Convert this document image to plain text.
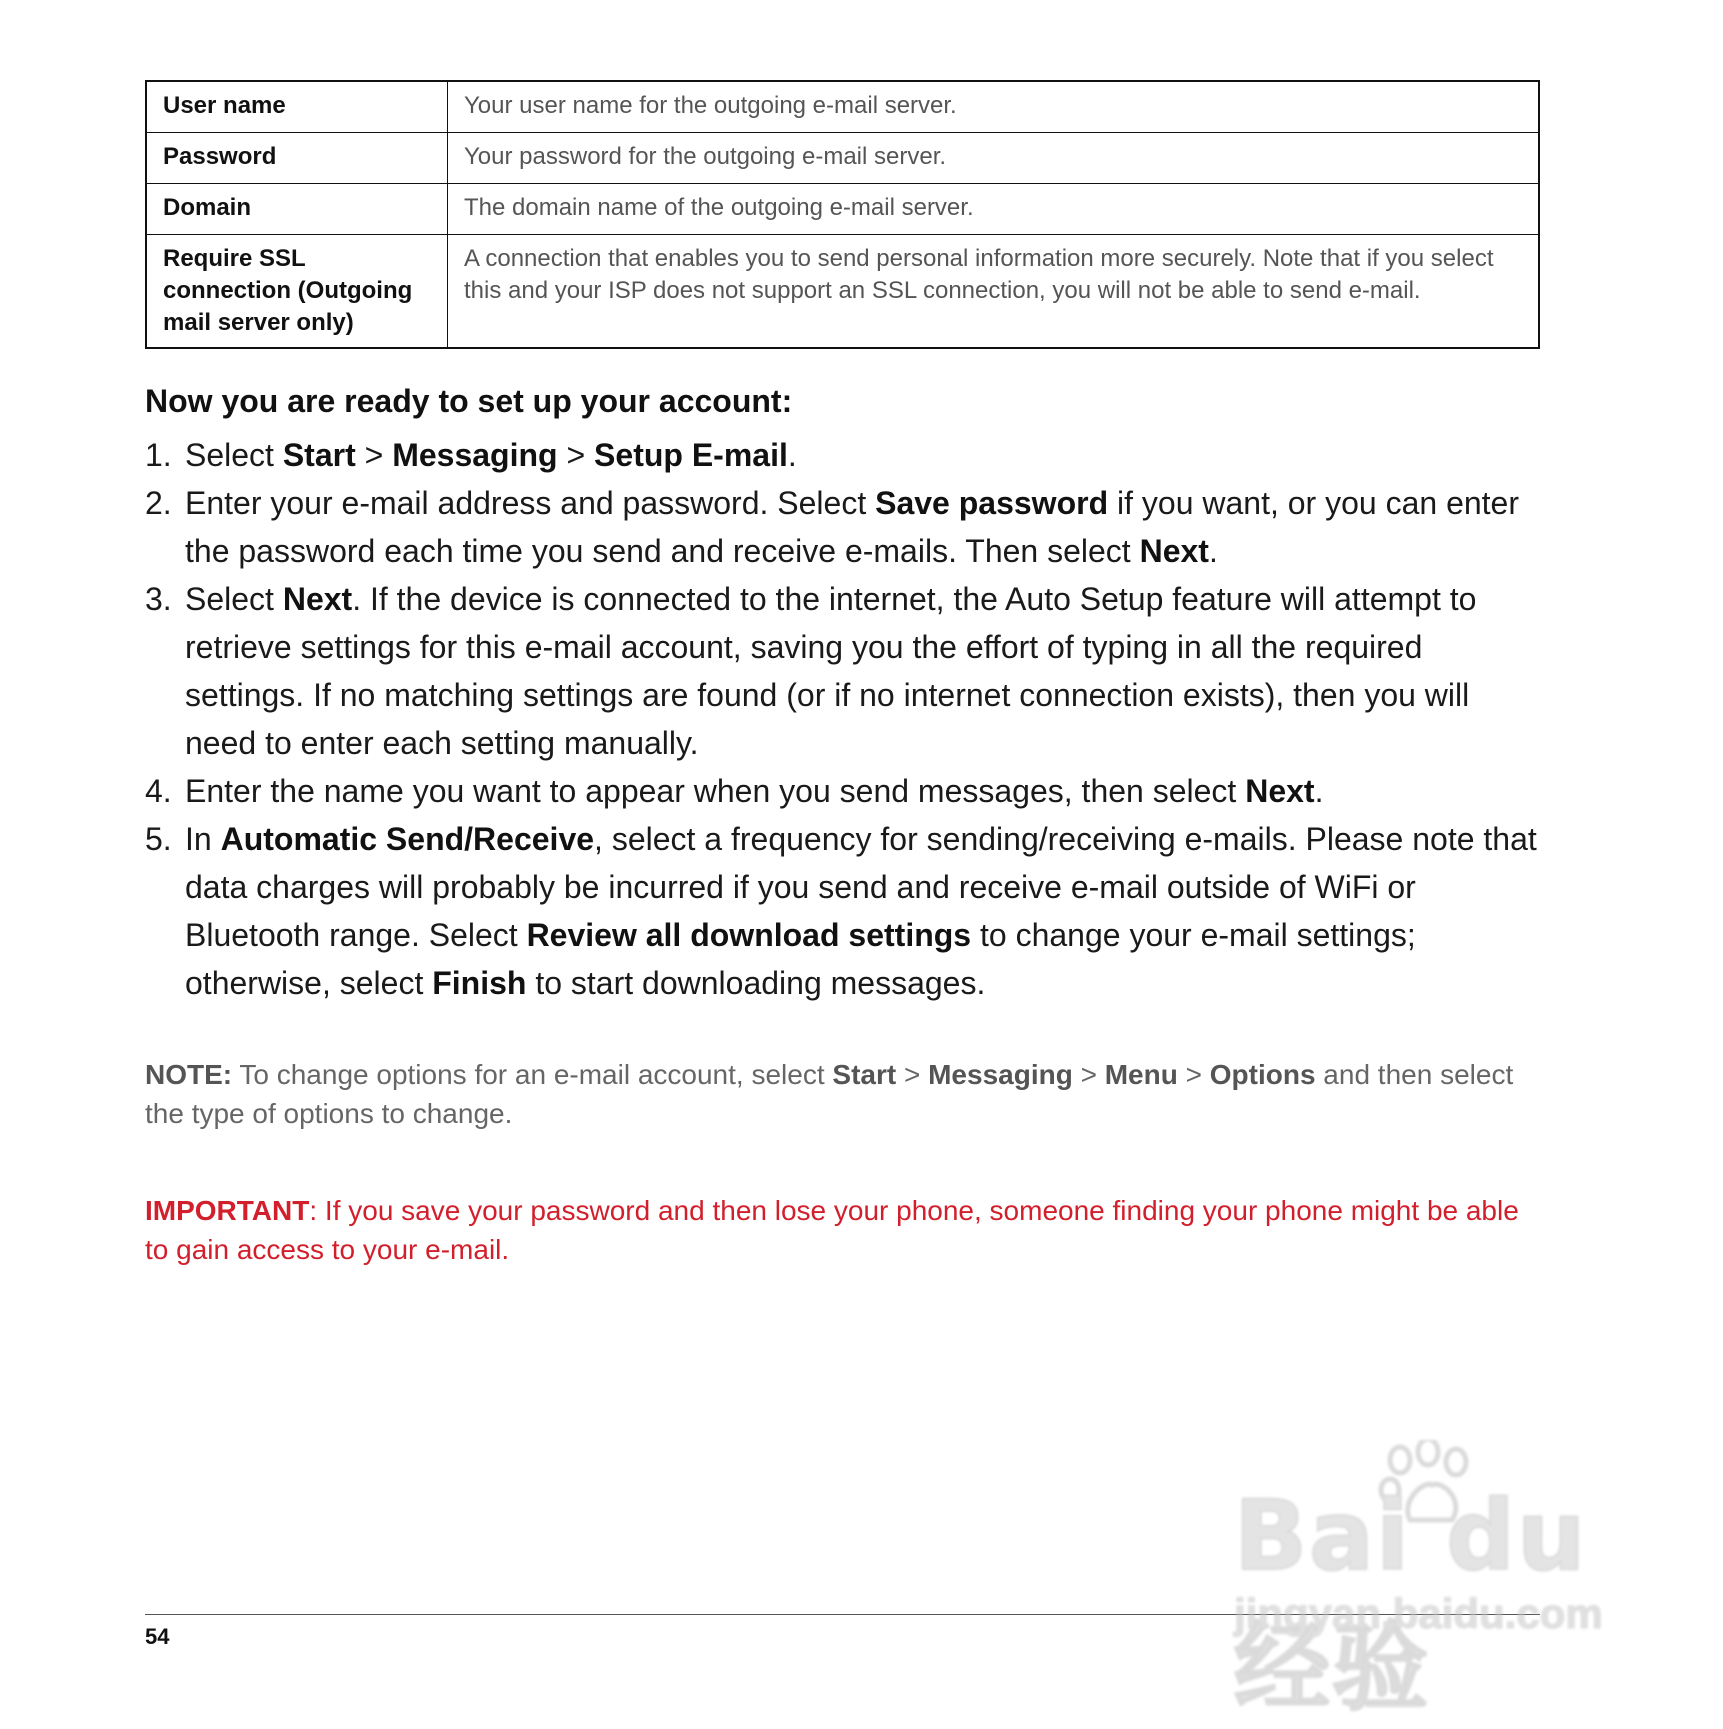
User name	Your user name for the outgoing e-mail server.
Password	Your password for the outgoing e-mail server.
Domain	The domain name of the outgoing e-mail server.
Require SSL connection (Outgoing mail server only)	A connection that enables you to send personal information more securely. Note that if you select this and your ISP does not support an SSL connection, you will not be able to send e-mail.
Now you are ready to set up your account:
1. Select Start > Messaging > Setup E-mail.
2. Enter your e-mail address and password. Select Save password if you want, or you can enter the password each time you send and receive e-mails. Then select Next.
3. Select Next. If the device is connected to the internet, the Auto Setup feature will attempt to retrieve settings for this e-mail account, saving you the effort of typing in all the required settings. If no matching settings are found (or if no internet connection exists), then you will need to enter each setting manually.
4. Enter the name you want to appear when you send messages, then select Next.
5. In Automatic Send/Receive, select a frequency for sending/receiving e-mails. Please note that data charges will probably be incurred if you send and receive e-mail outside of WiFi or Bluetooth range. Select Review all download settings to change your e-mail settings; otherwise, select Finish to start downloading messages.

NOTE: To change options for an e-mail account, select Start > Messaging > Menu > Options and then select the type of options to change.

IMPORTANT: If you save your password and then lose your phone, someone finding your phone might be able to gain access to your e-mail.

54
Bai du 经验
jingyan.baidu.com
